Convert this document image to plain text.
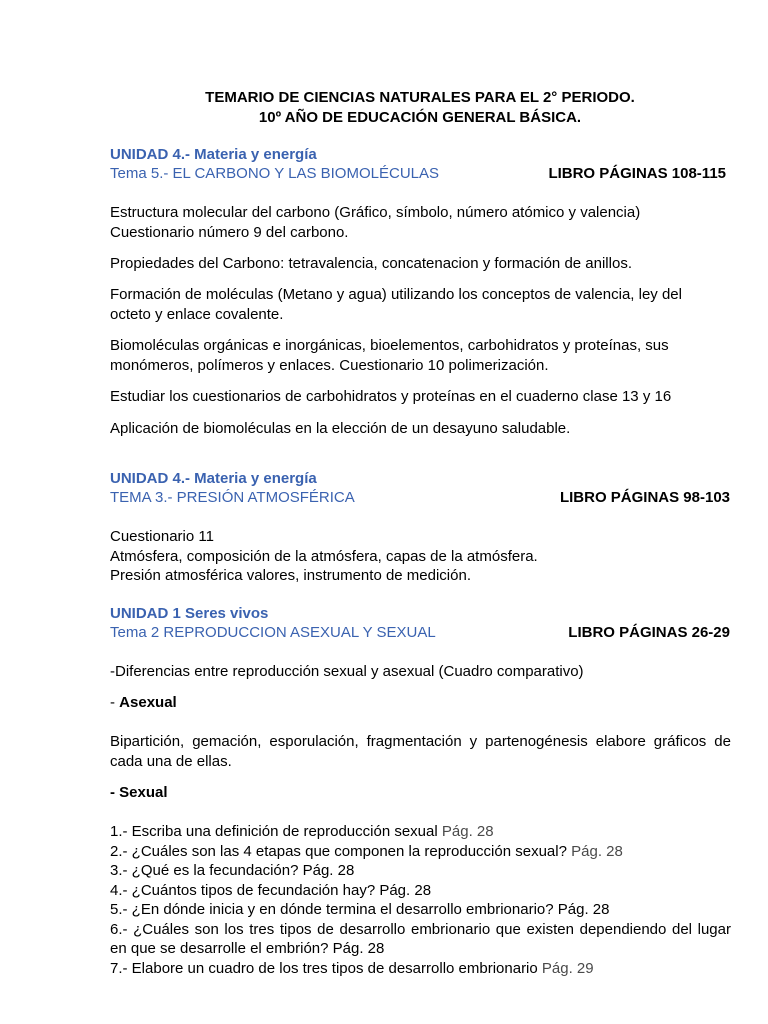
TEMARIO DE CIENCIAS NATURALES PARA EL 2° PERIODO.
10º AÑO DE EDUCACIÓN GENERAL BÁSICA.
UNIDAD 4.- Materia y energía
Tema 5.- EL CARBONO Y LAS BIOMOLÉCULAS	LIBRO PÁGINAS 108-115
Estructura molecular del carbono (Gráfico, símbolo, número atómico y valencia)
Cuestionario número 9 del carbono.
Propiedades del Carbono: tetravalencia, concatenacion y formación de anillos.
Formación de moléculas (Metano y agua) utilizando los conceptos de valencia, ley del
octeto y enlace covalente.
Biomoléculas orgánicas e inorgánicas, bioelementos, carbohidratos y proteínas, sus
monómeros, polímeros y enlaces. Cuestionario 10 polimerización.
Estudiar los cuestionarios de carbohidratos y proteínas en el cuaderno clase 13 y 16
Aplicación de biomoléculas en la elección de un desayuno saludable.
UNIDAD 4.- Materia y energía
TEMA 3.- PRESIÓN ATMOSFÉRICA	LIBRO PÁGINAS 98-103
Cuestionario 11
Atmósfera, composición de la atmósfera, capas de la atmósfera.
Presión atmosférica valores, instrumento de medición.
UNIDAD 1 Seres vivos
Tema 2 REPRODUCCION ASEXUAL Y SEXUAL	LIBRO PÁGINAS 26-29
-Diferencias entre reproducción sexual y asexual (Cuadro comparativo)
- Asexual
Bipartición, gemación, esporulación, fragmentación y partenogénesis elabore gráficos de cada una de ellas.
- Sexual
1.- Escriba una definición de reproducción sexual Pág. 28
2.- ¿Cuáles son las 4 etapas que componen la reproducción sexual? Pág. 28
3.- ¿Qué es la fecundación? Pág. 28
4.- ¿Cuántos tipos de fecundación hay? Pág. 28
5.- ¿En dónde inicia y en dónde termina el desarrollo embrionario? Pág. 28
6.- ¿Cuáles son los tres tipos de desarrollo embrionario que existen dependiendo del lugar en que se desarrolle el embrión? Pág. 28
7.- Elabore un cuadro de los tres tipos de desarrollo embrionario Pág. 29
